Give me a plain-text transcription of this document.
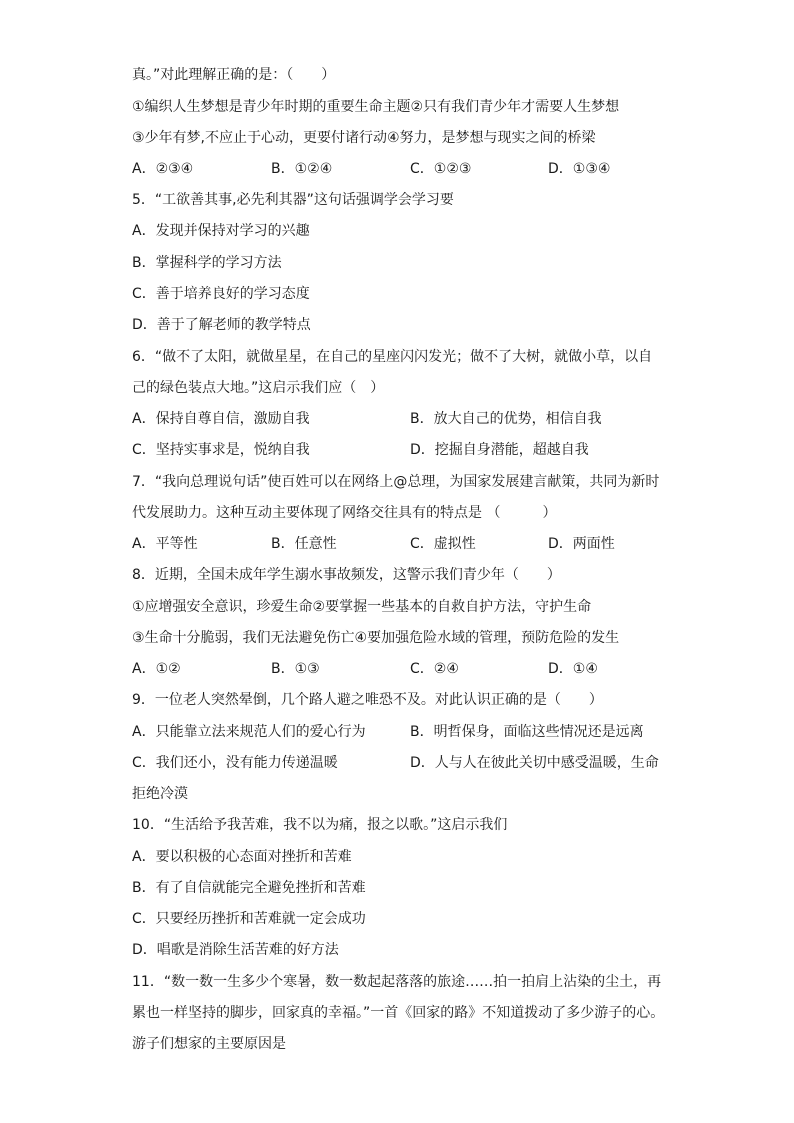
真。”对此理解正确的是：（　　）
①编织人生梦想是青少年时期的重要生命主题②只有我们青少年才需要人生梦想
③少年有梦,不应止于心动，更要付诸行动④努力，是梦想与现实之间的桥梁
A．②③④	B．①②④	C．①②③	D．①③④
5．“工欲善其事,必先利其器”这句话强调学会学习要
A．发现并保持对学习的兴趣
B．掌握科学的学习方法
C．善于培养良好的学习态度
D．善于了解老师的教学特点
6．“做不了太阳，就做星星，在自己的星座闪闪发光；做不了大树，就做小草，以自
己的绿色装点大地。”这启示我们应（　）
A．保持自尊自信，激励自我	B．放大自己的优势，相信自我
C．坚持实事求是，悦纳自我	D．挖掘自身潜能，超越自我
7．“我向总理说句话”使百姓可以在网络上@总理，为国家发展建言献策，共同为新时
代发展助力。这种互动主要体现了网络交往具有的特点是 （　　　）
A．平等性	B．任意性	C．虚拟性	D．两面性
8．近期，全国未成年学生溺水事故频发，这警示我们青少年（　　）
①应增强安全意识，珍爱生命②要掌握一些基本的自救自护方法，守护生命
③生命十分脆弱，我们无法避免伤亡④要加强危险水域的管理，预防危险的发生
A．①②	B．①③	C．②④	D．①④
9．一位老人突然晕倒，几个路人避之唯恐不及。对此认识正确的是（　　）
A．只能靠立法来规范人们的爱心行为	B．明哲保身，面临这些情况还是远离
C．我们还小，没有能力传递温暖	D．人与人在彼此关切中感受温暖，生命
拒绝冷漠
10．“生活给予我苦难，我不以为痛，报之以歌。”这启示我们
A．要以积极的心态面对挫折和苦难
B．有了自信就能完全避免挫折和苦难
C．只要经历挫折和苦难就一定会成功
D．唱歌是消除生活苦难的好方法
11．“数一数一生多少个寒暑，数一数起起落落的旅途……拍一拍肩上沾染的尘土，再
累也一样坚持的脚步，回家真的幸福。”一首《回家的路》不知道拨动了多少游子的心。
游子们想家的主要原因是
